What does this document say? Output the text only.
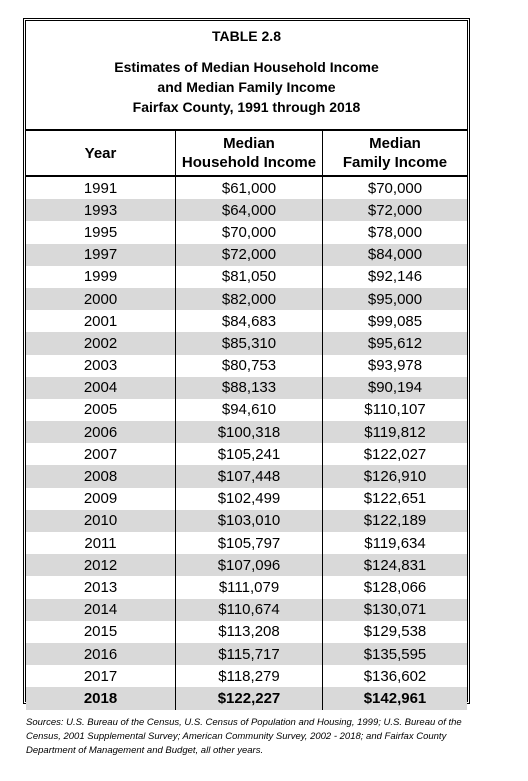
TABLE 2.8
Estimates of Median Household Income
and Median Family Income
Fairfax County, 1991 through 2018
Year
Median
Household Income
Median
Family Income
1991	$61,000	$70,000
1993	$64,000	$72,000
1995	$70,000	$78,000
1997	$72,000	$84,000
1999	$81,050	$92,146
2000	$82,000	$95,000
2001	$84,683	$99,085
2002	$85,310	$95,612
2003	$80,753	$93,978
2004	$88,133	$90,194
2005	$94,610	$110,107
2006	$100,318	$119,812
2007	$105,241	$122,027
2008	$107,448	$126,910
2009	$102,499	$122,651
2010	$103,010	$122,189
2011	$105,797	$119,634
2012	$107,096	$124,831
2013	$111,079	$128,066
2014	$110,674	$130,071
2015	$113,208	$129,538
2016	$115,717	$135,595
2017	$118,279	$136,602
2018	$122,227	$142,961
Sources: U.S. Bureau of the Census, U.S. Census of Population and Housing, 1999; U.S. Bureau of the Census, 2001 Supplemental Survey; American Community Survey, 2002 - 2018; and Fairfax County Department of Management and Budget, all other years.
